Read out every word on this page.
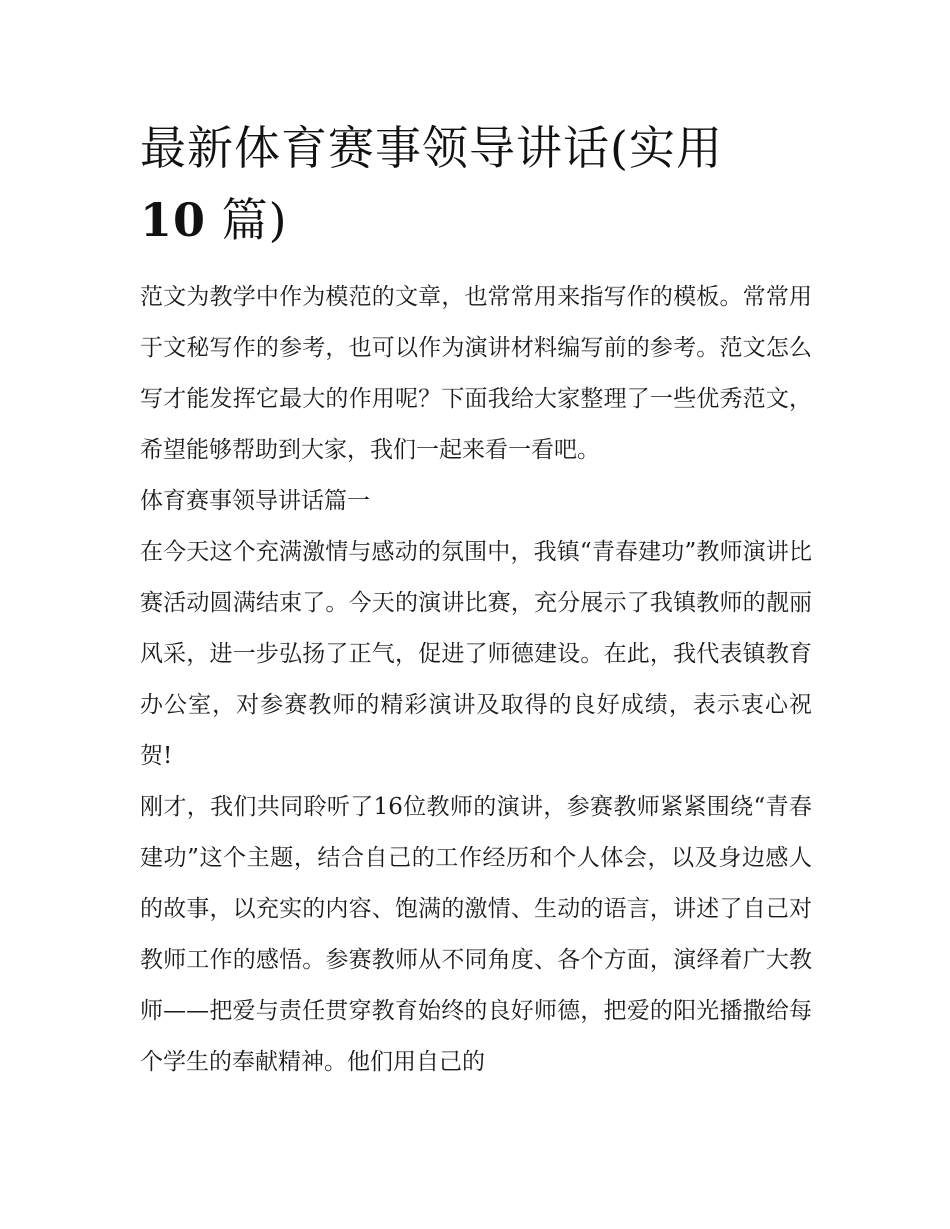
最新体育赛事领导讲话(实用
10 篇)

范文为教学中作为模范的文章，也常常用来指写作的模板。常常用于文秘写作的参考，也可以作为演讲材料编写前的参考。范文怎么写才能发挥它最大的作用呢？下面我给大家整理了一些优秀范文，希望能够帮助到大家，我们一起来看一看吧。

体育赛事领导讲话篇一

在今天这个充满激情与感动的氛围中，我镇“青春建功”教师演讲比赛活动圆满结束了。今天的演讲比赛，充分展示了我镇教师的靓丽风采，进一步弘扬了正气，促进了师德建设。在此，我代表镇教育办公室，对参赛教师的精彩演讲及取得的良好成绩，表示衷心祝贺!

刚才，我们共同聆听了16位教师的演讲，参赛教师紧紧围绕“青春建功”这个主题，结合自己的工作经历和个人体会，以及身边感人的故事，以充实的内容、饱满的激情、生动的语言，讲述了自己对教师工作的感悟。参赛教师从不同角度、各个方面，演绎着广大教师——把爱与责任贯穿教育始终的良好师德，把爱的阳光播撒给每个学生的奉献精神。他们用自己的
